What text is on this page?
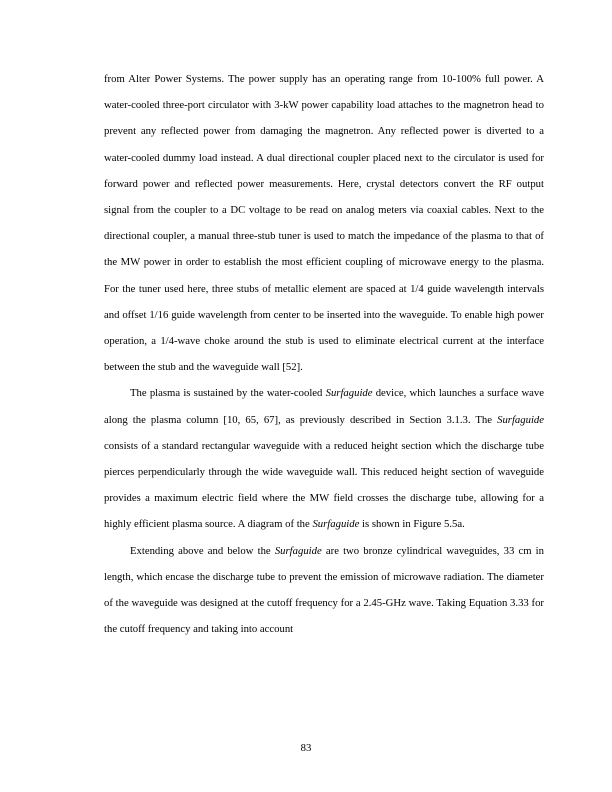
from Alter Power Systems. The power supply has an operating range from 10-100% full power. A water-cooled three-port circulator with 3-kW power capability load attaches to the magnetron head to prevent any reflected power from damaging the magnetron. Any reflected power is diverted to a water-cooled dummy load instead. A dual directional coupler placed next to the circulator is used for forward power and reflected power measurements. Here, crystal detectors convert the RF output signal from the coupler to a DC voltage to be read on analog meters via coaxial cables. Next to the directional coupler, a manual three-stub tuner is used to match the impedance of the plasma to that of the MW power in order to establish the most efficient coupling of microwave energy to the plasma. For the tuner used here, three stubs of metallic element are spaced at 1/4 guide wavelength intervals and offset 1/16 guide wavelength from center to be inserted into the waveguide. To enable high power operation, a 1/4-wave choke around the stub is used to eliminate electrical current at the interface between the stub and the waveguide wall [52].

The plasma is sustained by the water-cooled Surfaguide device, which launches a surface wave along the plasma column [10, 65, 67], as previously described in Section 3.1.3. The Surfaguide consists of a standard rectangular waveguide with a reduced height section which the discharge tube pierces perpendicularly through the wide waveguide wall. This reduced height section of waveguide provides a maximum electric field where the MW field crosses the discharge tube, allowing for a highly efficient plasma source. A diagram of the Surfaguide is shown in Figure 5.5a.

Extending above and below the Surfaguide are two bronze cylindrical waveguides, 33 cm in length, which encase the discharge tube to prevent the emission of microwave radiation. The diameter of the waveguide was designed at the cutoff frequency for a 2.45-GHz wave. Taking Equation 3.33 for the cutoff frequency and taking into account

83
